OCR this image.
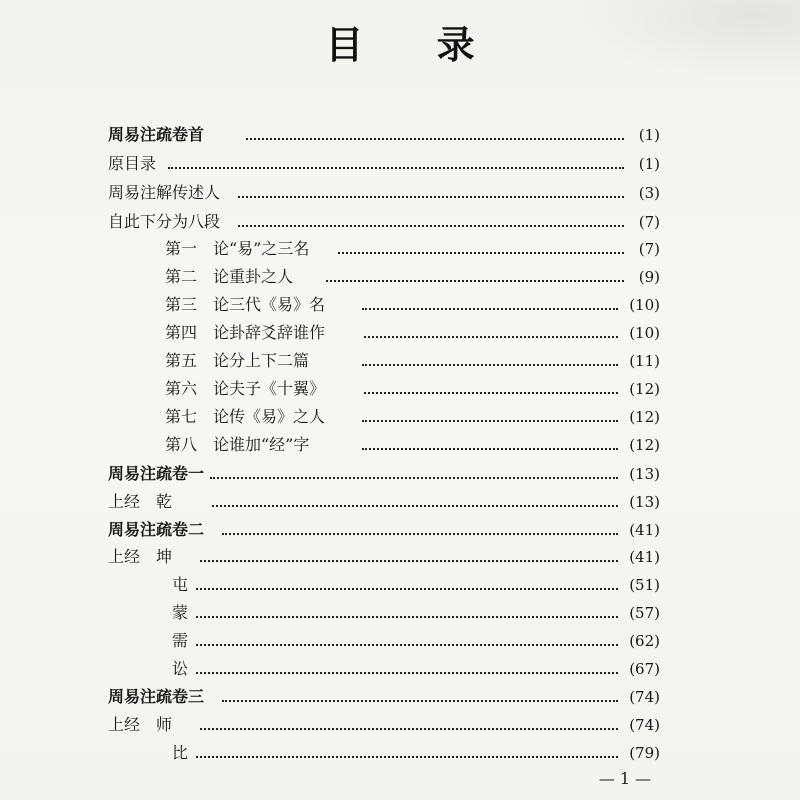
目 录
周易注疏卷首	(1)
原目录	(1)
周易注解传述人	(3)
自此下分为八段	(7)
第一　论“易”之三名	(7)
第二　论重卦之人	(9)
第三　论三代《易》名	(10)
第四　论卦辞爻辞谁作	(10)
第五　论分上下二篇	(11)
第六　论夫子《十翼》	(12)
第七　论传《易》之人	(12)
第八　论谁加“经”字	(12)
周易注疏卷一	(13)
上经　乾	(13)
周易注疏卷二	(41)
上经　坤	(41)
屯	(51)
蒙	(57)
需	(62)
讼	(67)
周易注疏卷三	(74)
上经　师	(74)
比	(79)
— 1 —
